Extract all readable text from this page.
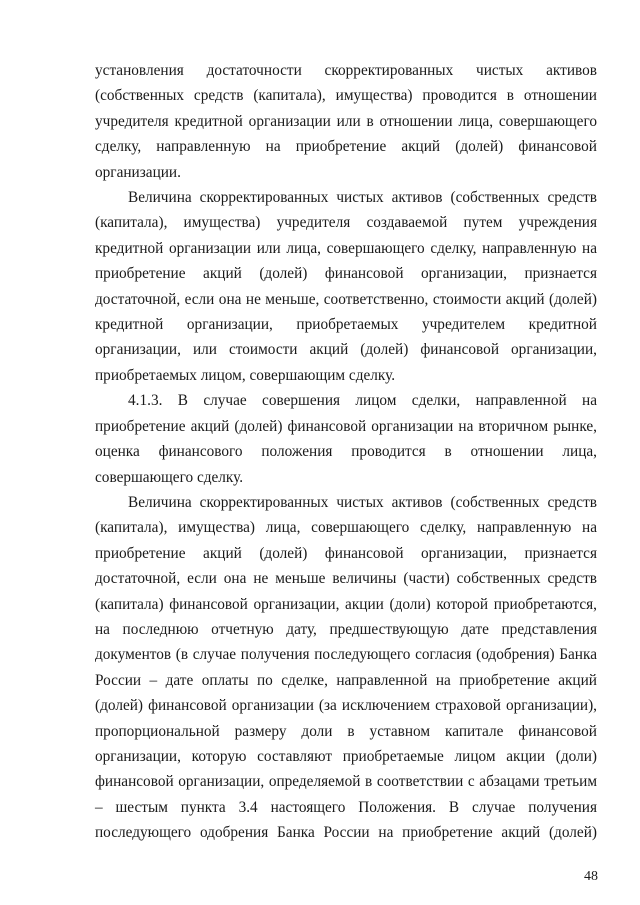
установления достаточности скорректированных чистых активов (собственных средств (капитала), имущества) проводится в отношении учредителя кредитной организации или в отношении лица, совершающего сделку, направленную на приобретение акций (долей) финансовой организации.

Величина скорректированных чистых активов (собственных средств (капитала), имущества) учредителя создаваемой путем учреждения кредитной организации или лица, совершающего сделку, направленную на приобретение акций (долей) финансовой организации, признается достаточной, если она не меньше, соответственно, стоимости акций (долей) кредитной организации, приобретаемых учредителем кредитной организации, или стоимости акций (долей) финансовой организации, приобретаемых лицом, совершающим сделку.

4.1.3. В случае совершения лицом сделки, направленной на приобретение акций (долей) финансовой организации на вторичном рынке, оценка финансового положения проводится в отношении лица, совершающего сделку.

Величина скорректированных чистых активов (собственных средств (капитала), имущества) лица, совершающего сделку, направленную на приобретение акций (долей) финансовой организации, признается достаточной, если она не меньше величины (части) собственных средств (капитала) финансовой организации, акции (доли) которой приобретаются, на последнюю отчетную дату, предшествующую дате представления документов (в случае получения последующего согласия (одобрения) Банка России – дате оплаты по сделке, направленной на приобретение акций (долей) финансовой организации (за исключением страховой организации), пропорциональной размеру доли в уставном капитале финансовой организации, которую составляют приобретаемые лицом акции (доли) финансовой организации, определяемой в соответствии с абзацами третьим – шестым пункта 3.4 настоящего Положения. В случае получения последующего одобрения Банка России на приобретение акций (долей)

48
